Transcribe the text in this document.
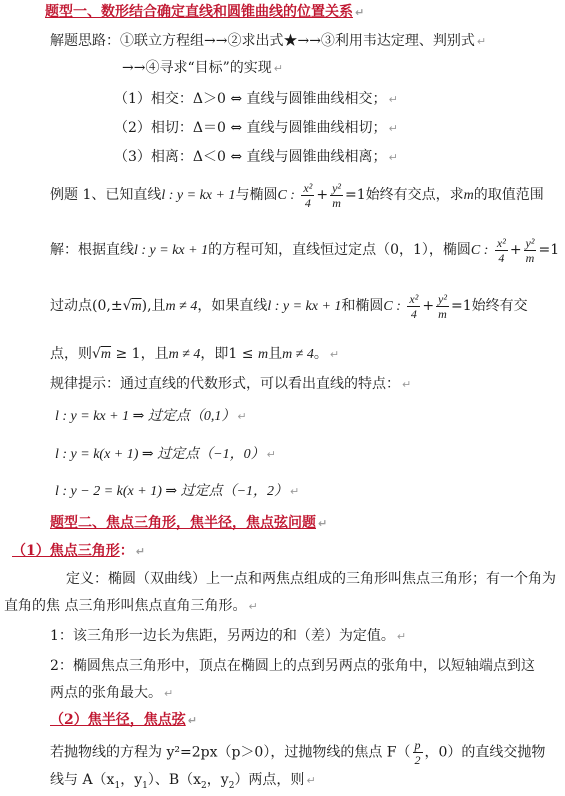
题型一、数形结合确定直线和圆锥曲线的位置关系 ↵
解题思路：①联立方程组→→②求出式★→→③利用韦达定理、判别式 ↵
→→④寻求“目标”的实现 ↵
（1）相交：Δ＞0 ⇔ 直线与圆锥曲线相交； ↵
（2）相切：Δ＝0 ⇔ 直线与圆锥曲线相切； ↵
（3）相离：Δ＜0 ⇔ 直线与圆锥曲线相离； ↵
例题 1、已知直线l : y = kx + 1与椭圆C : $\frac{\text{x²}}{4} + \frac{\text{y²}}{m} =1$始终有交点，求m的取值范围
解：根据直线l : y = kx + 1的方程可知，直线恒过定点（0，1），椭圆C : $\frac{\text{x²}}{4} + \frac{\text{y²}}{m} =1$
过动点(0,±√m),且m ≠ 4，如果直线l : y = kx + 1和椭圆C : $\frac{\text{x²}}{4} + \frac{\text{y²}}{m} =1$始终有交
点，则√m ≥ 1，且m ≠ 4，即1 ≤ m且m ≠ 4。 ↵
规律提示：通过直线的代数形式，可以看出直线的特点： ↵
l : y = kx + 1 ⇒ 过定点（0,1） ↵
l : y = k(x + 1) ⇒ 过定点（−1，0） ↵
l : y − 2 = k(x + 1) ⇒ 过定点（−1，2） ↵
题型二、焦点三角形，焦半径，焦点弦问题 ↵
（1）焦点三角形： ↵
定义：椭圆（双曲线）上一点和两焦点组成的三角形叫焦点三角形；有一个角为
直角的焦 点三角形叫焦点直角三角形。 ↵
1：该三角形一边长为焦距，另两边的和（差）为定值。 ↵
2：椭圆焦点三角形中，顶点在椭圆上的点到另两点的张角中，以短轴端点到这
两点的张角最大。 ↵
（2）焦半径，焦点弦 ↵
若抛物线的方程为 y²=2px（p＞0），过抛物线的焦点 $F( \frac{p}{2}$ ，0）的直线交抛物
线与 $A(x_1$，$y_1$）、$B(x_2$，$y_2$）两点，则 ↵
